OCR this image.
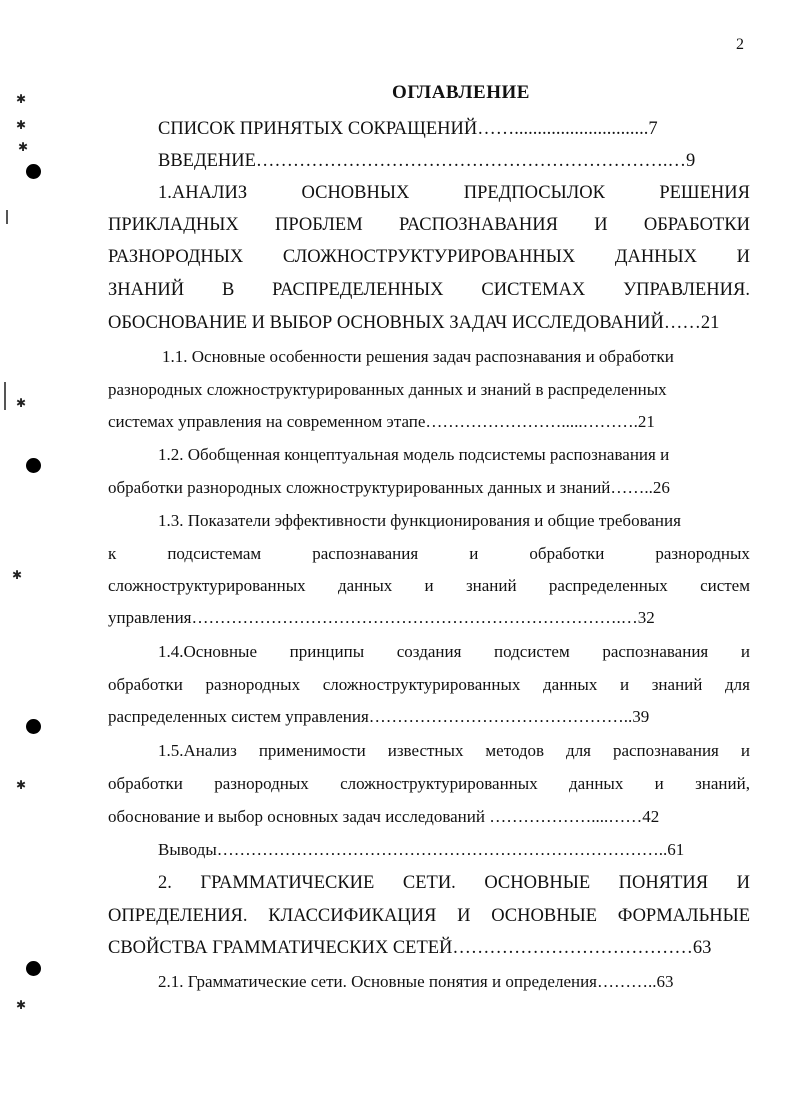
2
ОГЛАВЛЕНИЕ
СПИСОК ПРИНЯТЫХ СОКРАЩЕНИЙ…….............................7
ВВЕДЕНИЕ………………………………………………………….…9
1.АНАЛИЗ	ОСНОВНЫХ	ПРЕДПОСЫЛОК	РЕШЕНИЯ
ПРИКЛАДНЫХ ПРОБЛЕМ РАСПОЗНАВАНИЯ И ОБРАБОТКИ
РАЗНОРОДНЫХ СЛОЖНОСТРУКТУРИРОВАННЫХ ДАННЫХ И
ЗНАНИЙ В РАСПРЕДЕЛЕННЫХ СИСТЕМАХ УПРАВЛЕНИЯ.
ОБОСНОВАНИЕ И ВЫБОР ОСНОВНЫХ ЗАДАЧ ИССЛЕДОВАНИЙ……21
1.1. Основные особенности решения задач распознавания и обработки
разнородных сложноструктурированных данных и знаний в распределенных
системах управления на современном этапе…………………….....……….21
1.2. Обобщенная концептуальная модель подсистемы распознавания и
обработки разнородных сложноструктурированных данных и знаний……..26
1.3. Показатели эффективности функционирования и общие требования
к	подсистемам	распознавания	и	обработки	разнородных
сложноструктурированных данных и знаний распределенных систем
управления………………………………………………………………….…32
1.4.Основные принципы создания подсистем распознавания и
обработки разнородных сложноструктурированных данных и знаний для
распределенных систем управления………………………………………..39
1.5.Анализ применимости известных методов для распознавания и
обработки разнородных сложноструктурированных данных и знаний,
обоснование и выбор основных задач исследований ………………....……42
Выводы……………………………………………………………………..61
2. ГРАММАТИЧЕСКИЕ СЕТИ. ОСНОВНЫЕ ПОНЯТИЯ И
ОПРЕДЕЛЕНИЯ. КЛАССИФИКАЦИЯ И ОСНОВНЫЕ ФОРМАЛЬНЫЕ
СВОЙСТВА ГРАММАТИЧЕСКИХ СЕТЕЙ…………………………………63
2.1. Грамматические сети. Основные понятия и определения………..63
✱
✱
✱
✱
✱
✱
✱
